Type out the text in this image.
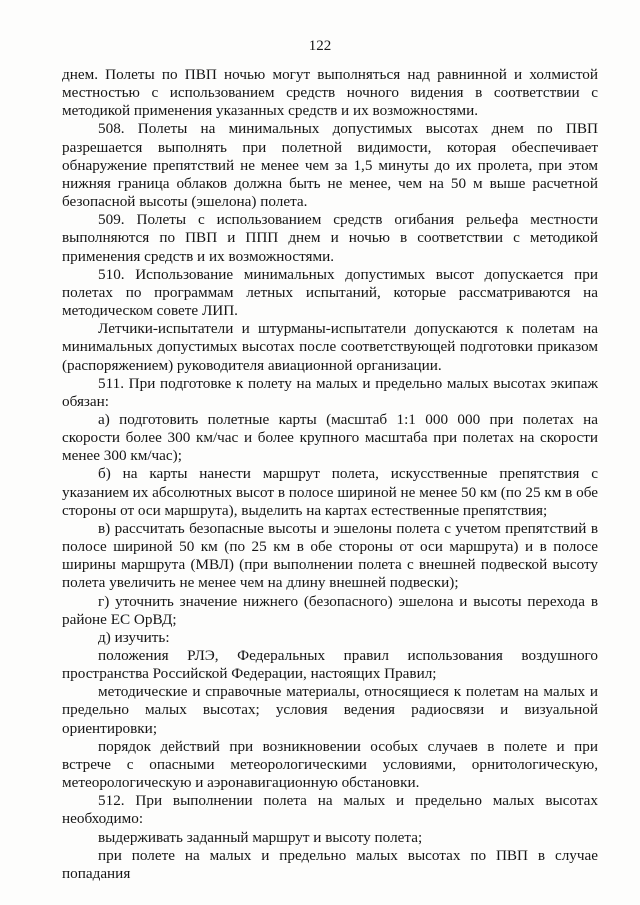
122

днем. Полеты по ПВП ночью могут выполняться над равнинной и холмистой местностью с использованием средств ночного видения в соответствии с методикой применения указанных средств и их возможностями.

508. Полеты на минимальных допустимых высотах днем по ПВП разрешается выполнять при полетной видимости, которая обеспечивает обнаружение препятствий не менее чем за 1,5 минуты до их пролета, при этом нижняя граница облаков должна быть не менее, чем на 50 м выше расчетной безопасной высоты (эшелона) полета.

509. Полеты с использованием средств огибания рельефа местности выполняются по ПВП и ППП днем и ночью в соответствии с методикой применения средств и их возможностями.

510. Использование минимальных допустимых высот допускается при полетах по программам летных испытаний, которые рассматриваются на методическом совете ЛИП.

Летчики-испытатели и штурманы-испытатели допускаются к полетам на минимальных допустимых высотах после соответствующей подготовки приказом (распоряжением) руководителя авиационной организации.

511. При подготовке к полету на малых и предельно малых высотах экипаж обязан:

а) подготовить полетные карты (масштаб 1:1 000 000 при полетах на скорости более 300 км/час и более крупного масштаба при полетах на скорости менее 300 км/час);

б) на карты нанести маршрут полета, искусственные препятствия с указанием их абсолютных высот в полосе шириной не менее 50 км (по 25 км в обе стороны от оси маршрута), выделить на картах естественные препятствия;

в) рассчитать безопасные высоты и эшелоны полета с учетом препятствий в полосе шириной 50 км (по 25 км в обе стороны от оси маршрута) и в полосе ширины маршрута (МВЛ) (при выполнении полета с внешней подвеской высоту полета увеличить не менее чем на длину внешней подвески);

г) уточнить значение нижнего (безопасного) эшелона и высоты перехода в районе ЕС ОрВД;

д) изучить:

положения РЛЭ, Федеральных правил использования воздушного пространства Российской Федерации, настоящих Правил;

методические и справочные материалы, относящиеся к полетам на малых и предельно малых высотах; условия ведения радиосвязи и визуальной ориентировки;

порядок действий при возникновении особых случаев в полете и при встрече с опасными метеорологическими условиями, орнитологическую, метеорологическую и аэронавигационную обстановки.

512. При выполнении полета на малых и предельно малых высотах необходимо:

выдерживать заданный маршрут и высоту полета;

при полете на малых и предельно малых высотах по ПВП в случае попадания
